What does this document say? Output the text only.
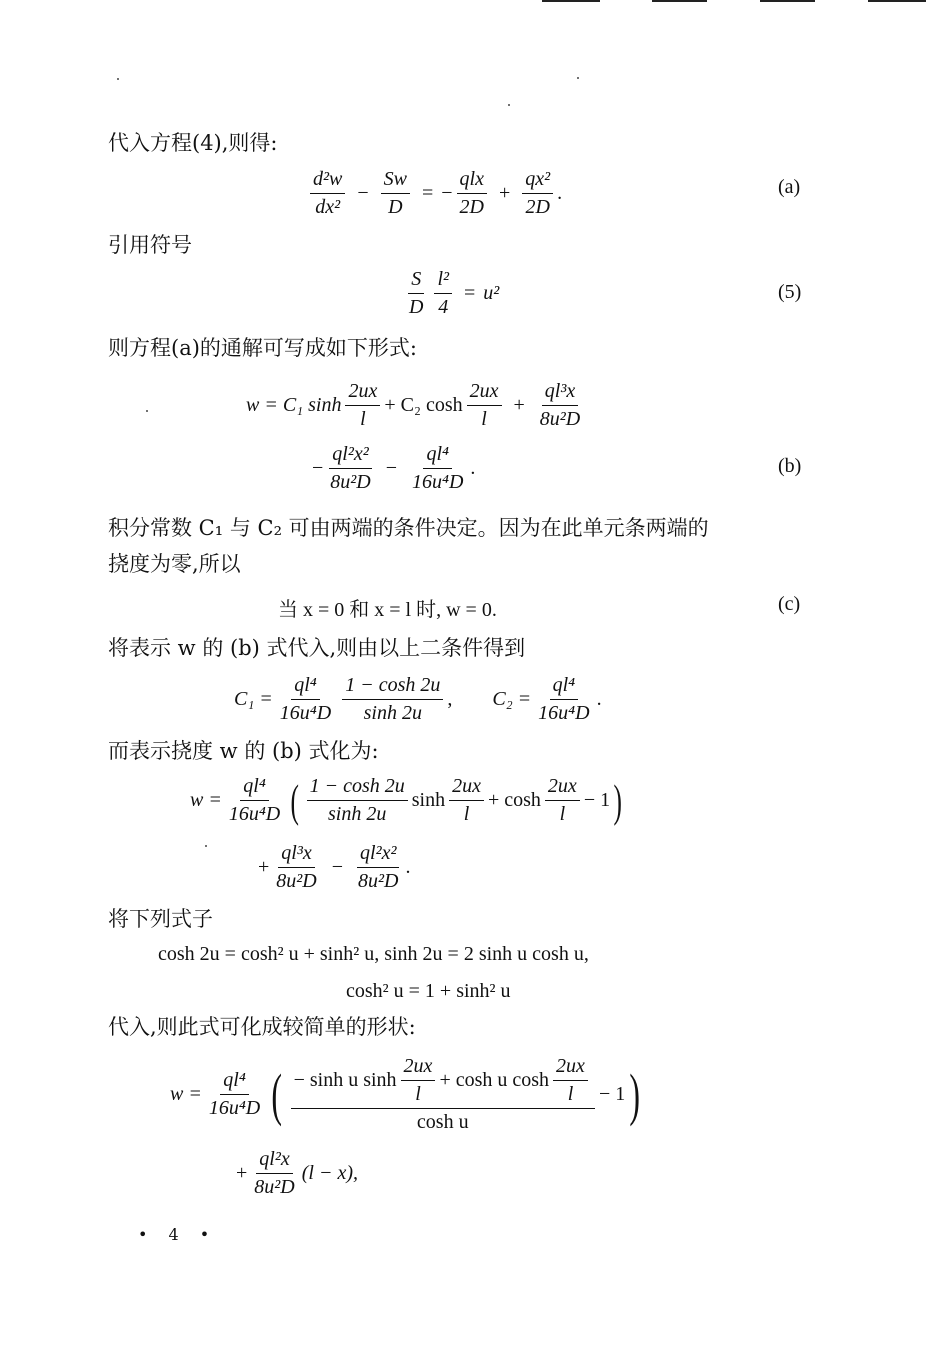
代入方程(4),则得:
$\frac{\text{d²w}}{\text{dx²}} - \frac{Sw}{D}$ = − $\frac{\text{qlx}}{2D} + \frac{\text{qx²}}{2D}$ .	(a)
引用符号
$\frac{S}{D} \frac{\text{l²}}{4} = u^2$	(5)
则方程(a)的通解可写成如下形式:
w = C₁ $\sinh \frac{2ux}{l} + C_2$ $\cosh \frac{2ux}{l} + \frac{\text{ql³x}}{\text{8u²D}}$
− $\frac{\text{ql²x²}}{\text{8u²D}} - \frac{\text{ql⁴}}{\text{16u⁴D}}$ .	(b)
积分常数 C₁ 与 C₂ 可由两端的条件决定。因为在此单元条两端的
挠度为零,所以
当 x = 0 和 x = l 时, w = 0.	(c)
将表示 w 的 (b) 式代入,则由以上二条件得到
$C_1 = \frac{\text{ql⁴}}{\text{16u⁴D}} \frac{1 - \cosh 2u}{\sinh 2u}$ , $C_2 = \frac{\text{ql⁴}}{\text{16u⁴D}}$ .
而表示挠度 w 的 (b) 式化为:
$w = \frac{\text{ql⁴}}{\text{16u⁴D}}$ ( $\frac{1 - \cosh 2u}{\sinh 2u}$ $\sinh \frac{2ux}{l} + \cosh \frac{2ux}{l} - 1$ )
+ $\frac{\text{ql³x}}{\text{8u²D}} - \frac{\text{ql²x²}}{\text{8u²D}}$ .
将下列式子
cosh 2u = cosh² u + sinh² u, sinh 2u = 2 sinh u cosh u,
cosh² u = 1 + sinh² u
代入,则此式可化成较简单的形状:
$w = \frac{\text{ql⁴}}{\text{16u⁴D}}$ ( $\frac{- \sinh u \sinh \frac{2ux}{l} + \cosh u \cosh \frac{2ux}{l}}{\text{cosh u}} - 1$ )
+ $\frac{\text{ql²x}}{\text{8u²D}} (l - x)$,
• 4 •
